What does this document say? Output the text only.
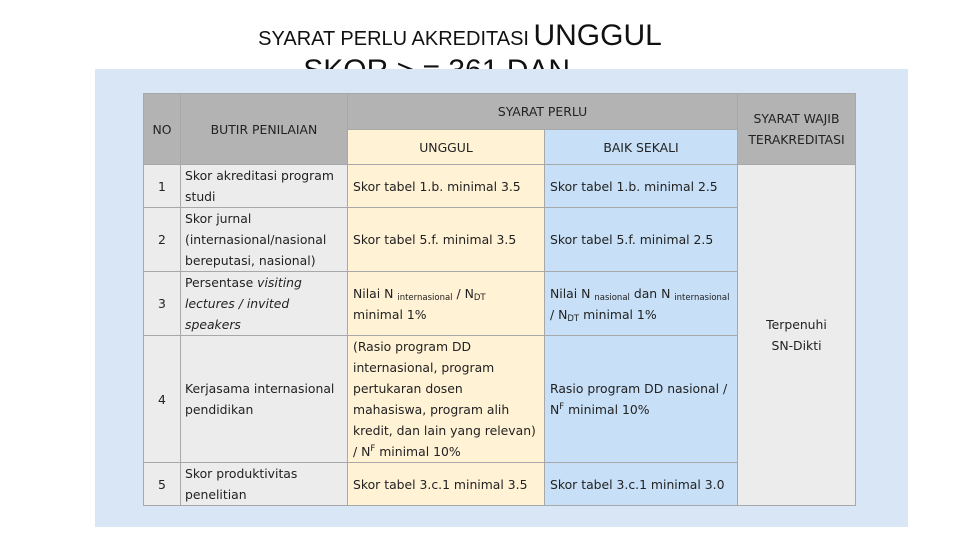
SYARAT PERLU AKREDITASI UNGGUL
NO	BUTIR PENILAIAN	SYARAT PERLU		SYARAT WAJIB TERAKREDITASI
		UNGGUL	BAIK SEKALI	
1	Skor akreditasi program studi	Skor tabel 1.b. minimal 3.5	Skor tabel 1.b. minimal 2.5	Terpenuhi SN-Dikti

2	Skor jurnal (internasional/nasional bereputasi, nasional)	Skor tabel 5.f. minimal 3.5	Skor tabel 5.f. minimal 2.5	
3	Persentase visiting lectures / invited speakers	Nilai N $_{internasional} / N_{DT}$ minimal 1%	Nilai N $_{nasional}$ dan N $_{internasional} / N_{DT}$ minimal 1%	
4	Kerjasama internasional pendidikan	(Rasio program DD internasional, program pertukaran dosen mahasiswa, program alih kredit, dan lain yang relevan) / $N^F$ minimal 10%	Rasio program DD nasional / $N^F$ minimal 10%	
5	Skor produktivitas penelitian	Skor tabel 3.c.1 minimal 3.5	Skor tabel 3.c.1 minimal 3.0	
